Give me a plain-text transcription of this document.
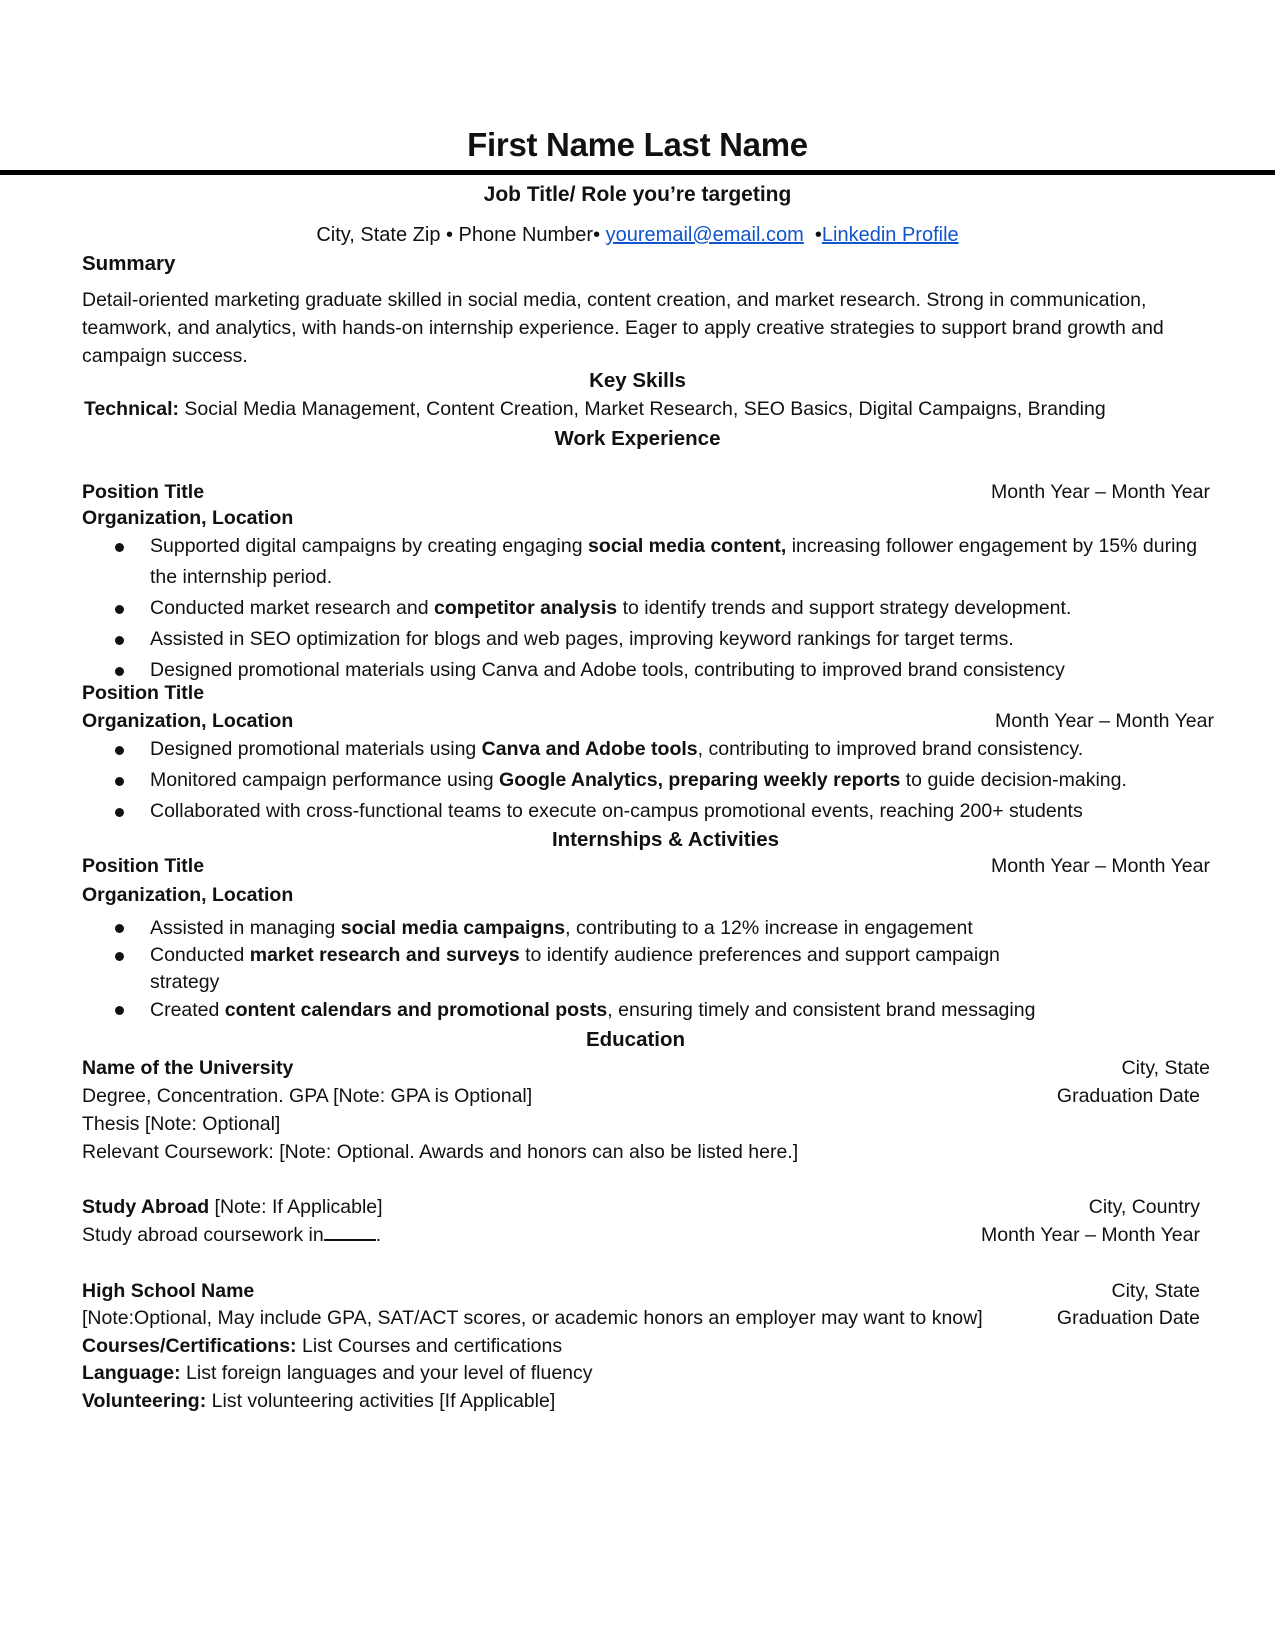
First Name Last Name
Job Title/ Role you’re targeting
City, State Zip • Phone Number• youremail@email.com  •Linkedin Profile
Summary
Detail-oriented marketing graduate skilled in social media, content creation, and market research. Strong in communication, teamwork, and analytics, with hands-on internship experience. Eager to apply creative strategies to support brand growth and campaign success.
Key Skills
Technical: Social Media Management, Content Creation, Market Research, SEO Basics, Digital Campaigns, Branding
Work Experience
Position Title	Month Year – Month Year
Organization, Location
Supported digital campaigns by creating engaging social media content, increasing follower engagement by 15% during the internship period.
Conducted market research and competitor analysis to identify trends and support strategy development.
Assisted in SEO optimization for blogs and web pages, improving keyword rankings for target terms.
Designed promotional materials using Canva and Adobe tools, contributing to improved brand consistency
Position Title
Organization, Location	Month Year – Month Year
Designed promotional materials using Canva and Adobe tools, contributing to improved brand consistency.
Monitored campaign performance using Google Analytics, preparing weekly reports to guide decision-making.
Collaborated with cross-functional teams to execute on-campus promotional events, reaching 200+ students
Internships & Activities
Position Title	Month Year – Month Year
Organization, Location
Assisted in managing social media campaigns, contributing to a 12% increase in engagement
Conducted market research and surveys to identify audience preferences and support campaign strategy
Created content calendars and promotional posts, ensuring timely and consistent brand messaging
Education
Name of the University	City, State
Degree, Concentration. GPA [Note: GPA is Optional]	Graduation Date
Thesis [Note: Optional]
Relevant Coursework: [Note: Optional. Awards and honors can also be listed here.]
Study Abroad [Note: If Applicable]	City, Country
Study abroad coursework in	.	Month Year – Month Year
High School Name	City, State
[Note:Optional, May include GPA, SAT/ACT scores, or academic honors an employer may want to know]	Graduation Date
Courses/Certifications: List Courses and certifications
Language: List foreign languages and your level of fluency
Volunteering: List volunteering activities [If Applicable]
